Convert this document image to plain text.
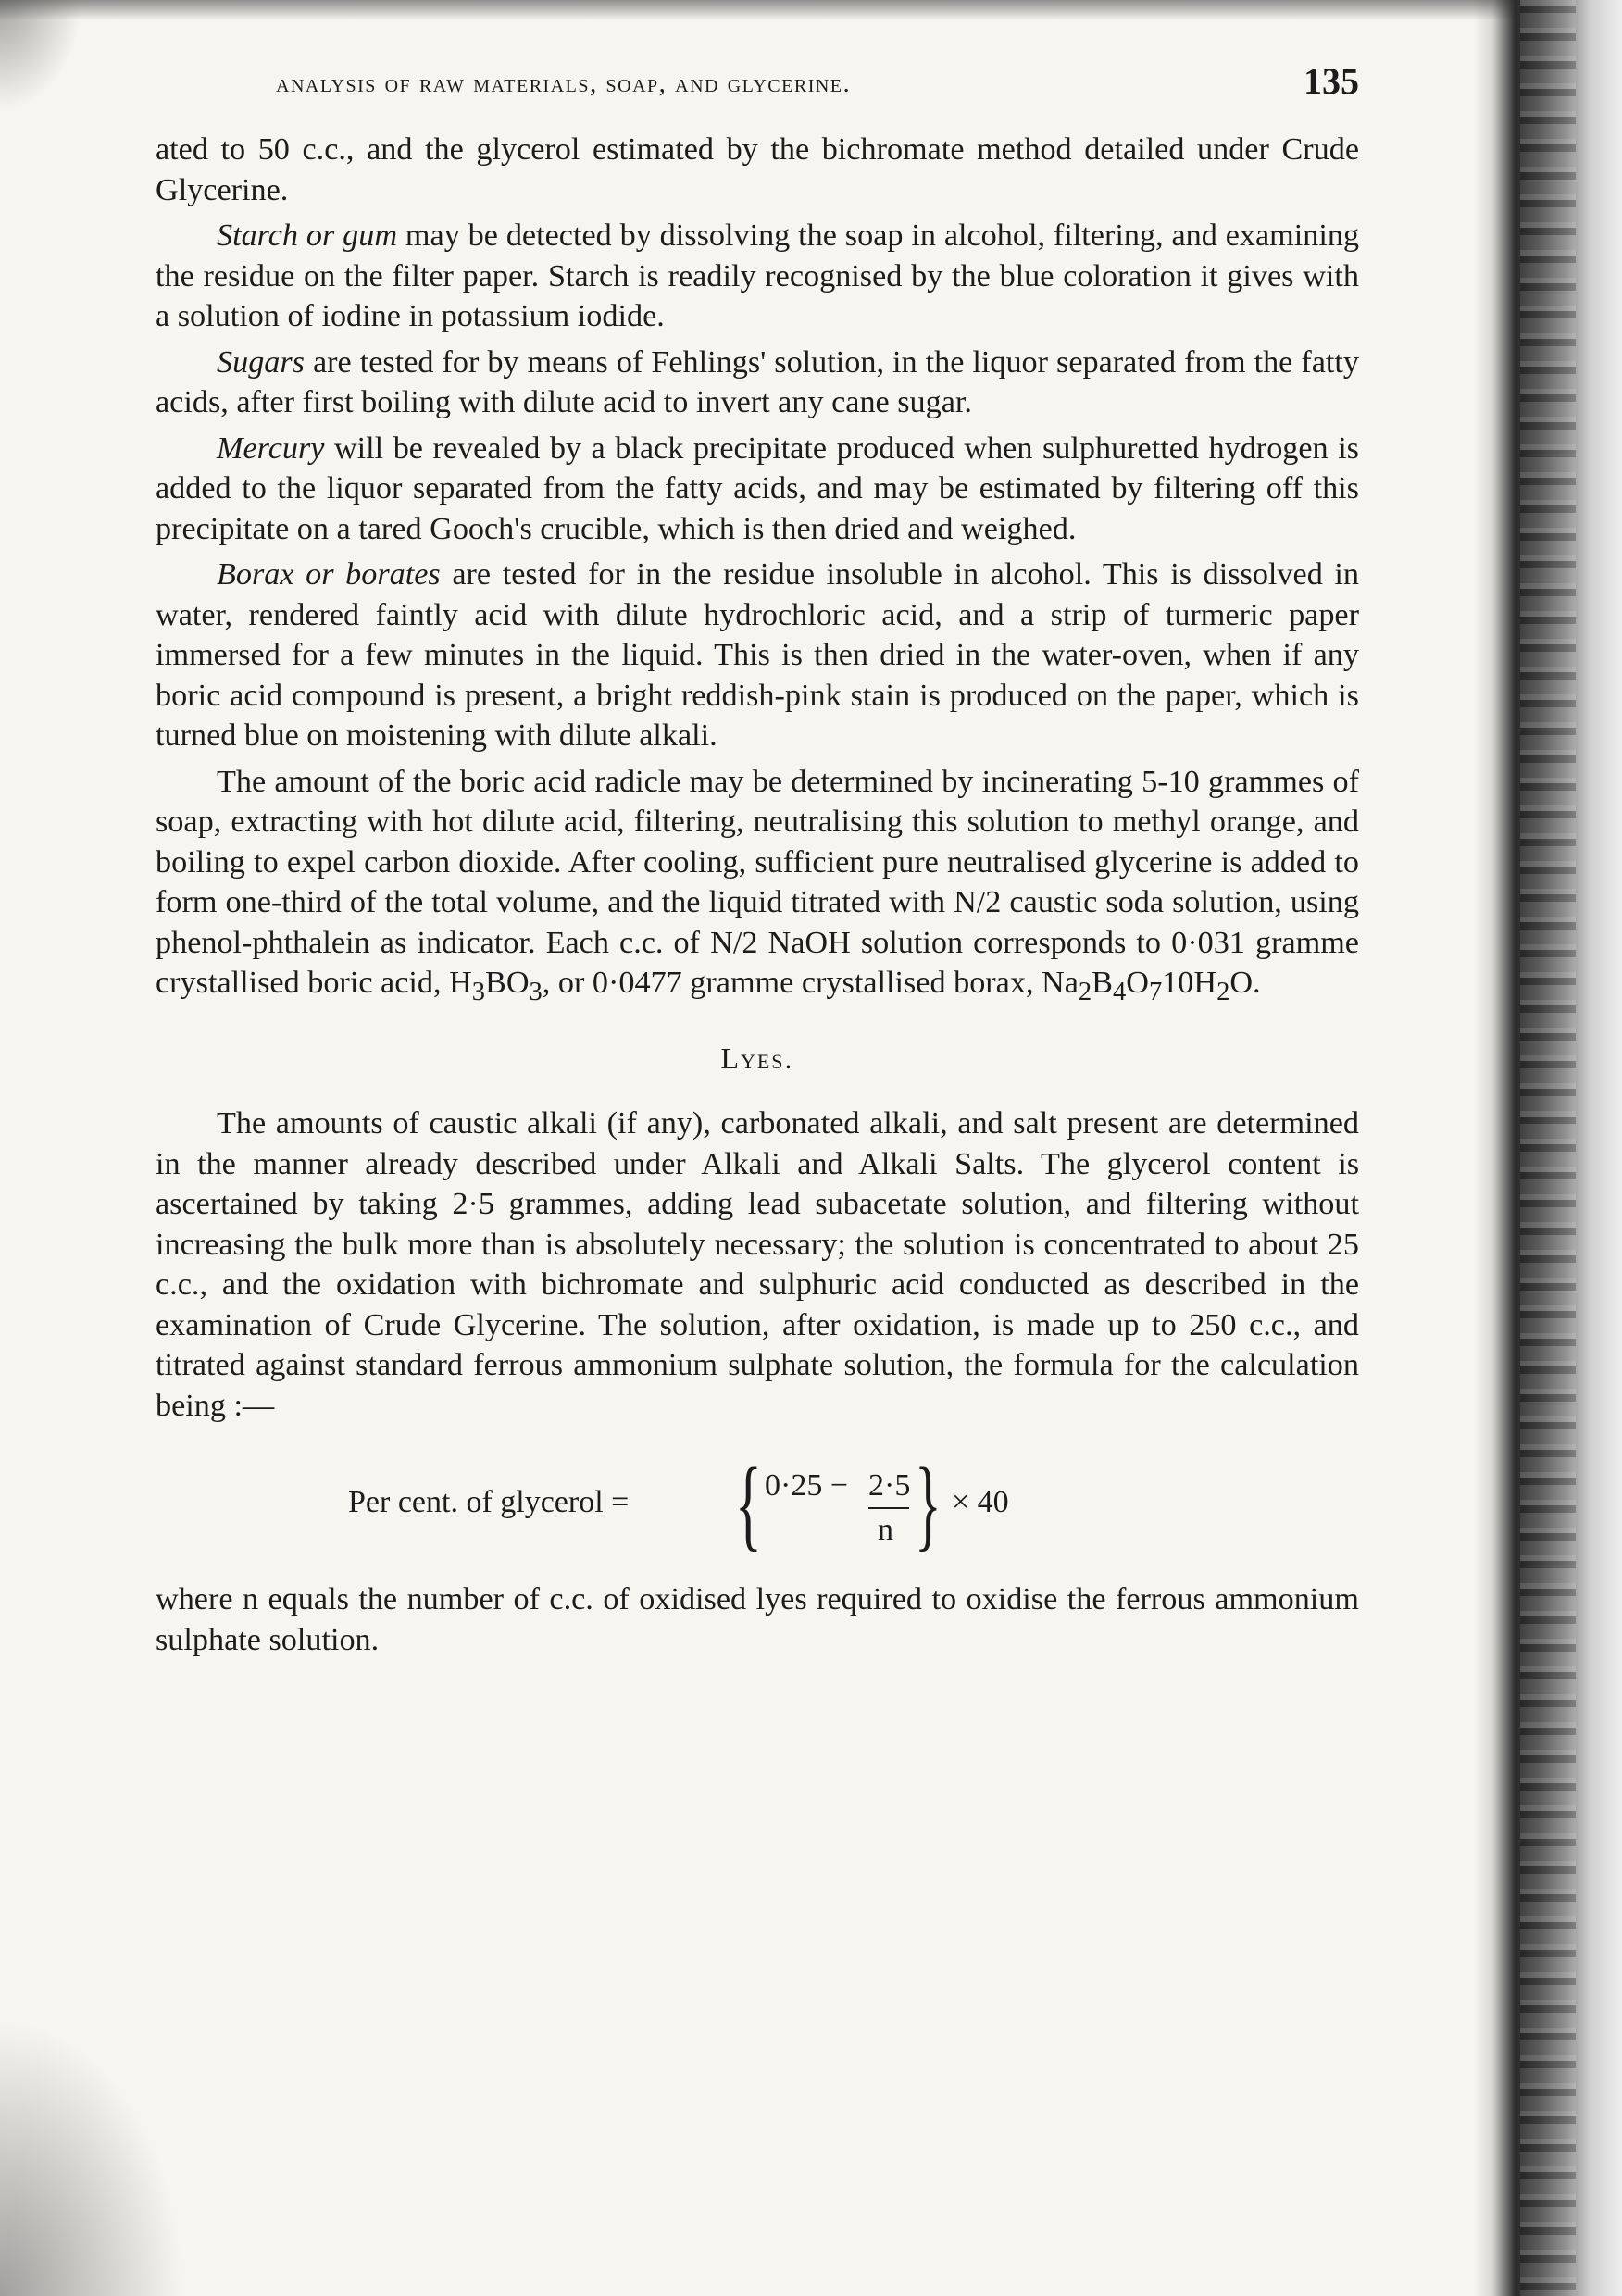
analysis of raw materials, soap, and glycerine.	135

ated to 50 c.c., and the glycerol estimated by the bichromate method detailed under Crude Glycerine.

Starch or gum may be detected by dissolving the soap in alcohol, filtering, and examining the residue on the filter paper. Starch is readily recognised by the blue coloration it gives with a solution of iodine in potassium iodide.

Sugars are tested for by means of Fehlings' solution, in the liquor separated from the fatty acids, after first boiling with dilute acid to invert any cane sugar.

Mercury will be revealed by a black precipitate produced when sulphuretted hydrogen is added to the liquor separated from the fatty acids, and may be estimated by filtering off this precipitate on a tared Gooch's crucible, which is then dried and weighed.

Borax or borates are tested for in the residue insoluble in alcohol. This is dissolved in water, rendered faintly acid with dilute hydrochloric acid, and a strip of turmeric paper immersed for a few minutes in the liquid. This is then dried in the water-oven, when if any boric acid compound is present, a bright reddish-pink stain is produced on the paper, which is turned blue on moistening with dilute alkali.

The amount of the boric acid radicle may be determined by incinerating 5-10 grammes of soap, extracting with hot dilute acid, filtering, neutralising this solution to methyl orange, and boiling to expel carbon dioxide. After cooling, sufficient pure neutralised glycerine is added to form one-third of the total volume, and the liquid titrated with N/2 caustic soda solution, using phenol-phthalein as indicator. Each c.c. of N/2 NaOH solution corresponds to 0·031 gramme crystallised boric acid, $H_3BO_3$, or 0·0477 gramme crystallised borax, $Na_2B_4O_710H_2O$.

Lyes.

The amounts of caustic alkali (if any), carbonated alkali, and salt present are determined in the manner already described under Alkali and Alkali Salts. The glycerol content is ascertained by taking 2·5 grammes, adding lead subacetate solution, and filtering without increasing the bulk more than is absolutely necessary; the solution is concentrated to about 25 c.c., and the oxidation with bichromate and sulphuric acid conducted as described in the examination of Crude Glycerine. The solution, after oxidation, is made up to 250 c.c., and titrated against standard ferrous ammonium sulphate solution, the formula for the calculation being :—

Per cent. of glycerol = { 0·25 − 2·5
n } × 40

where n equals the number of c.c. of oxidised lyes required to oxidise the ferrous ammonium sulphate solution.
